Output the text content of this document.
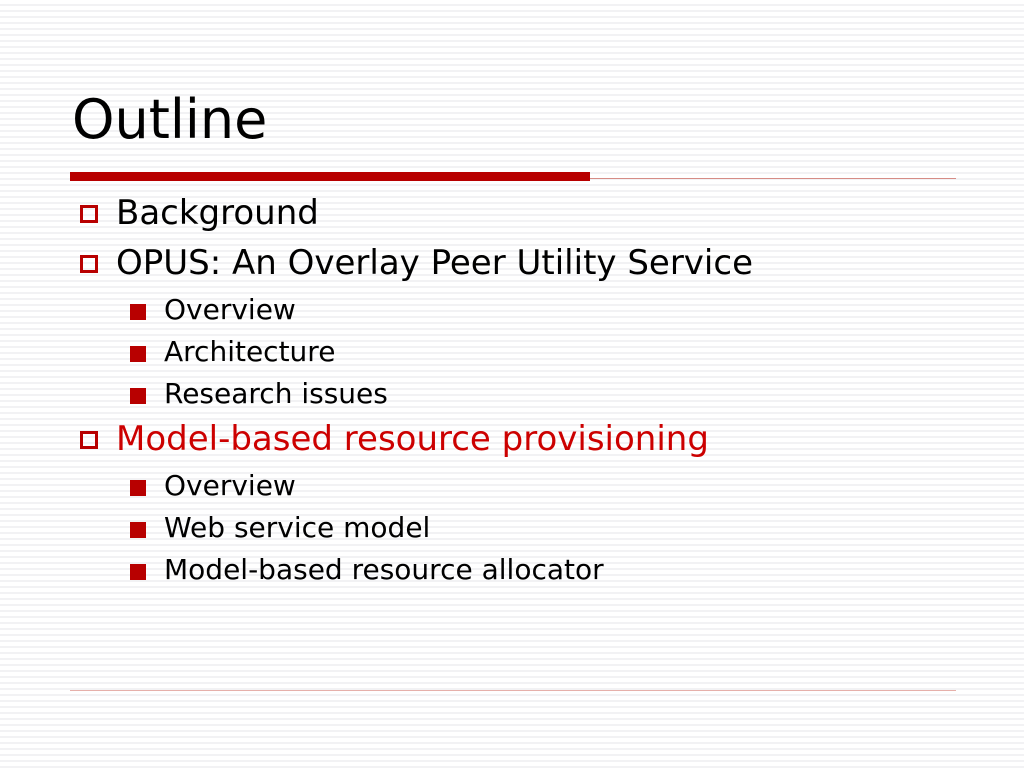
Outline
Background
OPUS: An Overlay Peer Utility Service
Overview
Architecture
Research issues
Model-based resource provisioning
Overview
Web service model
Model-based resource allocator
